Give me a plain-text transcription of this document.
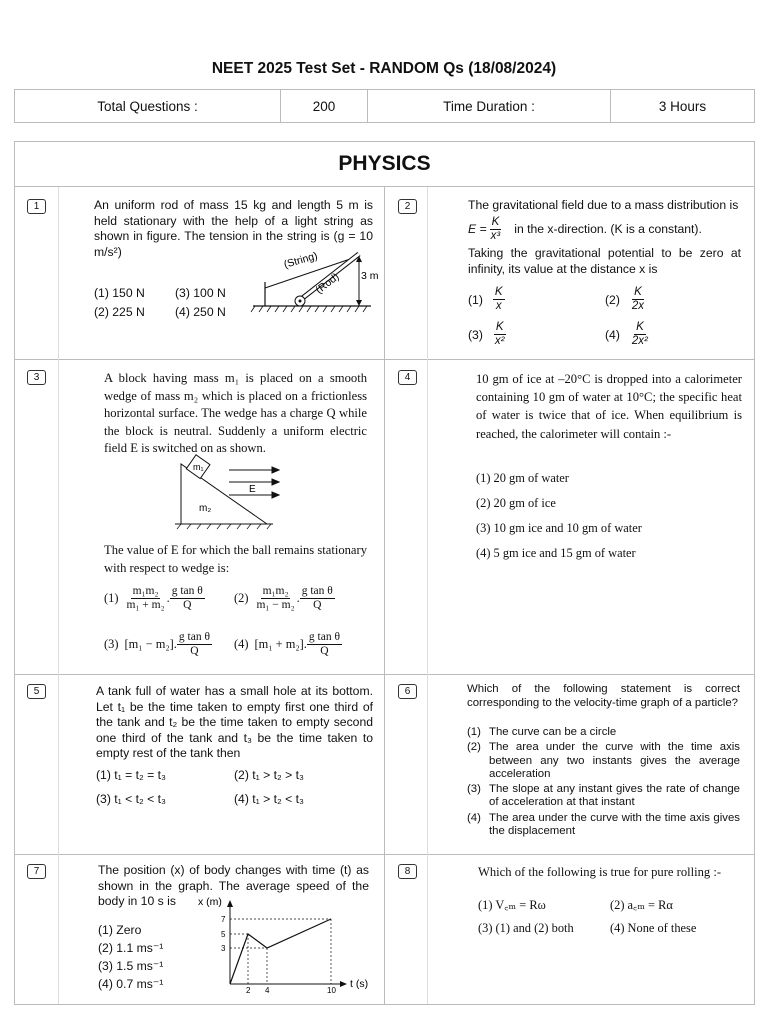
NEET 2025 Test Set - RANDOM Qs (18/08/2024)
Total Questions :	200	Time Duration :	3 Hours
PHYSICS
1	An uniform rod of mass 15 kg and length 5 m is held stationary with the help of a light string as shown in figure. The tension in the string is (g = 10 m/s²)
(1) 150 N (3) 100 N
(2) 225 N (4) 250 N
(String)
(Rod) 3 m
2	The gravitational field due to a mass distribution is
$E = \frac{K}{\text{x³}}$ in the x-direction. (K is a constant).
Taking the gravitational potential to be zero at infinity, its value at the distance x is
$(1) \frac{K}{x}$	$(2) \frac{K}{2x}$
$(3) \frac{K}{\text{x²}}$	$(4) \frac{K}{\text{2x²}}$
3	A block having mass m₁ is placed on a smooth wedge of mass m₂ which is placed on a frictionless horizontal surface. The wedge has a charge Q while the block is neutral. Suddenly a uniform electric field E is switched on as shown.
m₁
m₂
E
The value of E for which the ball remains stationary with respect to wedge is:
$(1) \frac{\text{m₁m₂}}{\text{m₁ + m₂}}$ . $\frac{\text{g tan θ}}{Q} (2) \frac{\text{m₁m₂}}{\text{m₁ − m₂}}$ . $\frac{\text{g tan θ}}{Q}$
(3) [m₁ − m₂]. $\frac{\text{g tan θ}}{Q} (4) [m_1 + m_2]$. $\frac{\text{g tan θ}}{Q}$
4	10 gm of ice at –20°C is dropped into a calorimeter containing 10 gm of water at 10°C; the specific heat of water is twice that of ice. When equilibrium is reached, the calorimeter will contain :-
(1) 20 gm of water
(2) 20 gm of ice
(3) 10 gm ice and 10 gm of water
(4) 5 gm ice and 15 gm of water
5	A tank full of water has a small hole at its bottom. Let t₁ be the time taken to empty first one third of the tank and t₂ be the time taken to empty second one third of the tank and t₃ be the time taken to empty rest of the tank then
(1) t₁ = t₂ = t₃	(2) t₁ > t₂ > t₃
(3) t₁ < t₂ < t₃	(4) t₁ > t₂ < t₃
6	Which of the following statement is correct corresponding to the velocity-time graph of a particle?
(1) The curve can be a circle
(2) The area under the curve with the time axis between any two instants gives the average acceleration
(3) The slope at any instant gives the rate of change of acceleration at that instant
(4) The area under the curve with the time axis gives the displacement
7	The position (x) of body changes with time (t) as shown in the graph. The average speed of the body in 10 s is
(1) Zero
(2) 1.1 ms⁻¹
(3) 1.5 ms⁻¹
(4) 0.7 ms⁻¹
x (m)
t (s)
7
5
3
2 4	10
8	Which of the following is true for pure rolling :-
(1) V꜀ₘ = Rω	(2) a꜀ₘ = Rα
(3) (1) and (2) both	(4) None of these
